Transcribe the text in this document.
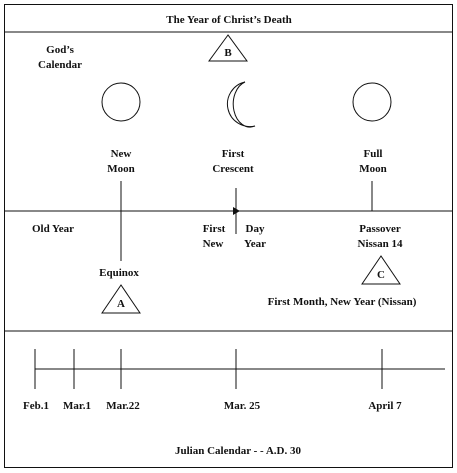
The Year of Christ’s Death
God’s
Calendar
B
New
Moon
First
Crescent
Full
Moon
Old Year	First
New
Day
Year
Passover
Nissan 14
Equinox
A
C
First Month, New Year (Nissan)
Feb.1 Mar.1 Mar.22	Mar. 25	April 7
Julian Calendar - - A.D. 30
